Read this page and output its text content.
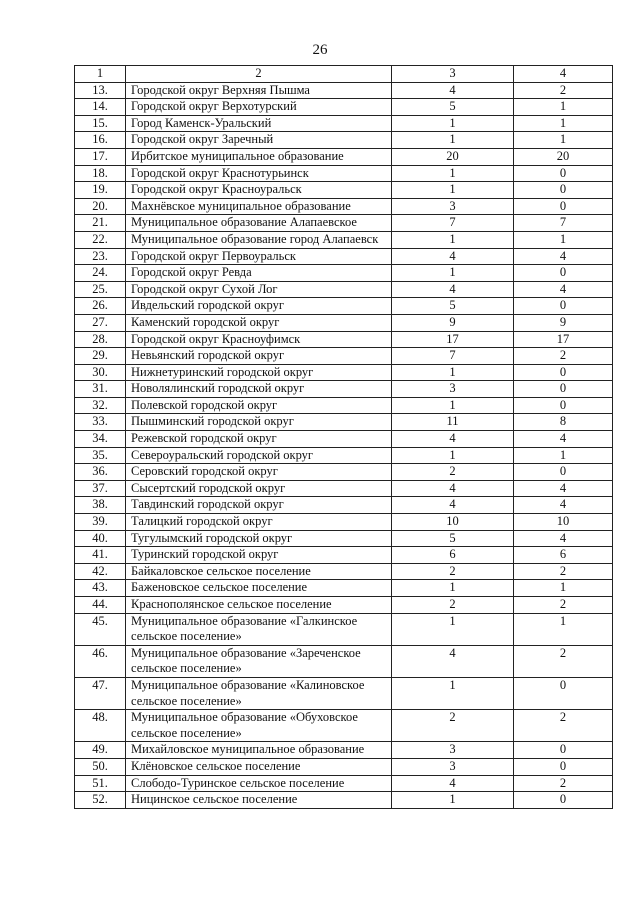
26
1	2	3	4
13.	Городской округ Верхняя Пышма	4	2
14.	Городской округ Верхотурский	5	1
15.	Город Каменск-Уральский	1	1
16.	Городской округ Заречный	1	1
17.	Ирбитское муниципальное образование	20	20
18.	Городской округ Краснотурьинск	1	0
19.	Городской округ Красноуральск	1	0
20.	Махнёвское муниципальное образование	3	0
21.	Муниципальное образование Алапаевское	7	7
22.	Муниципальное образование город Алапаевск	1	1
23.	Городской округ Первоуральск	4	4
24.	Городской округ Ревда	1	0
25.	Городской округ Сухой Лог	4	4
26.	Ивдельский городской округ	5	0
27.	Каменский городской округ	9	9
28.	Городской округ Красноуфимск	17	17
29.	Невьянский городской округ	7	2
30.	Нижнетуринский городской округ	1	0
31.	Новолялинский городской округ	3	0
32.	Полевской городской округ	1	0
33.	Пышминский городской округ	11	8
34.	Режевской городской округ	4	4
35.	Североуральский городской округ	1	1
36.	Серовский городской округ	2	0
37.	Сысертский городской округ	4	4
38.	Тавдинский городской округ	4	4
39.	Талицкий городской округ	10	10
40.	Тугулымский городской округ	5	4
41.	Туринский городской округ	6	6
42.	Байкаловское сельское поселение	2	2
43.	Баженовское сельское поселение	1	1
44.	Краснополянское сельское поселение	2	2
45.	Муниципальное образование «Галкинское сельское поселение»	1	1
46.	Муниципальное образование «Зареченское сельское поселение»	4	2
47.	Муниципальное образование «Калиновское сельское поселение»	1	0
48.	Муниципальное образование «Обуховское сельское поселение»	2	2
49.	Михайловское муниципальное образование	3	0
50.	Клёновское сельское поселение	3	0
51.	Слободо-Туринское сельское поселение	4	2
52.	Ницинское сельское поселение	1	0
